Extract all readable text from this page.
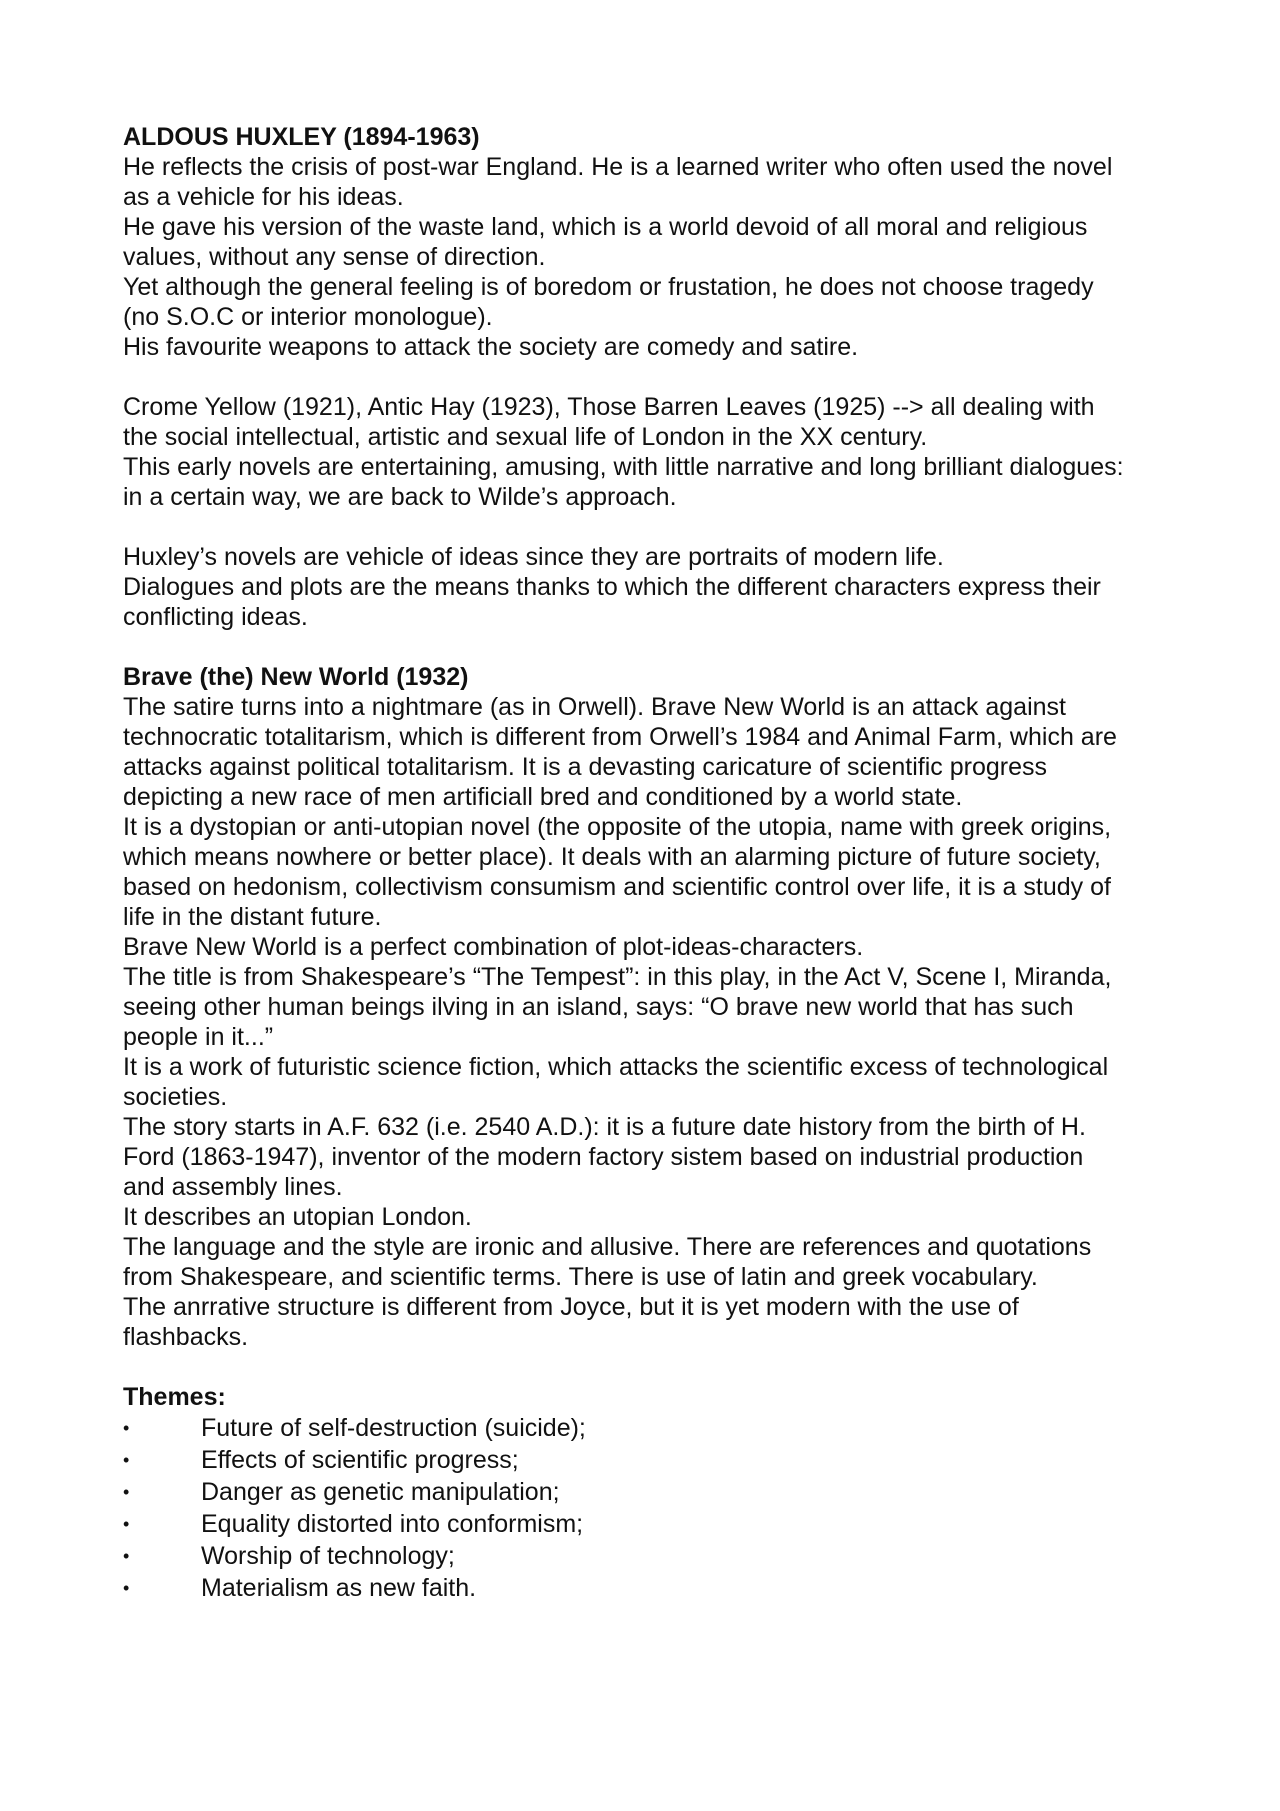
ALDOUS HUXLEY (1894-1963)
He reflects the crisis of post-war England. He is a learned writer who often used the novel
as a vehicle for his ideas.
He gave his version of the waste land, which is a world devoid of all moral and religious
values, without any sense of direction.
Yet although the general feeling is of boredom or frustation, he does not choose tragedy
(no S.O.C or interior monologue).
His favourite weapons to attack the society are comedy and satire.
Crome Yellow (1921), Antic Hay (1923), Those Barren Leaves (1925) --> all dealing with
the social intellectual, artistic and sexual life of London in the XX century.
This early novels are entertaining, amusing, with little narrative and long brilliant dialogues:
in a certain way, we are back to Wilde’s approach.
Huxley’s novels are vehicle of ideas since they are portraits of modern life.
Dialogues and plots are the means thanks to which the different characters express their
conflicting ideas.
Brave (the) New World (1932)
The satire turns into a nightmare (as in Orwell). Brave New World is an attack against
technocratic totalitarism, which is different from Orwell’s 1984 and Animal Farm, which are
attacks against political totalitarism. It is a devasting caricature of scientific progress
depicting a new race of men artificiall bred and conditioned by a world state.
It is a dystopian or anti-utopian novel (the opposite of the utopia, name with greek origins,
which means nowhere or better place). It deals with an alarming picture of future society,
based on hedonism, collectivism consumism and scientific control over life, it is a study of
life in the distant future.
Brave New World is a perfect combination of plot-ideas-characters.
The title is from Shakespeare’s “The Tempest”: in this play, in the Act V, Scene I, Miranda,
seeing other human beings ilving in an island, says: “O brave new world that has such
people in it...”
It is a work of futuristic science fiction, which attacks the scientific excess of technological
societies.
The story starts in A.F. 632 (i.e. 2540 A.D.): it is a future date history from the birth of H.
Ford (1863-1947), inventor of the modern factory sistem based on industrial production
and assembly lines.
It describes an utopian London.
The language and the style are ironic and allusive. There are references and quotations
from Shakespeare, and scientific terms. There is use of latin and greek vocabulary.
The anrrative structure is different from Joyce, but it is yet modern with the use of
flashbacks.
Themes:
•	Future of self-destruction (suicide);
•	Effects of scientific progress;
•	Danger as genetic manipulation;
•	Equality distorted into conformism;
•	Worship of technology;
•	Materialism as new faith.
